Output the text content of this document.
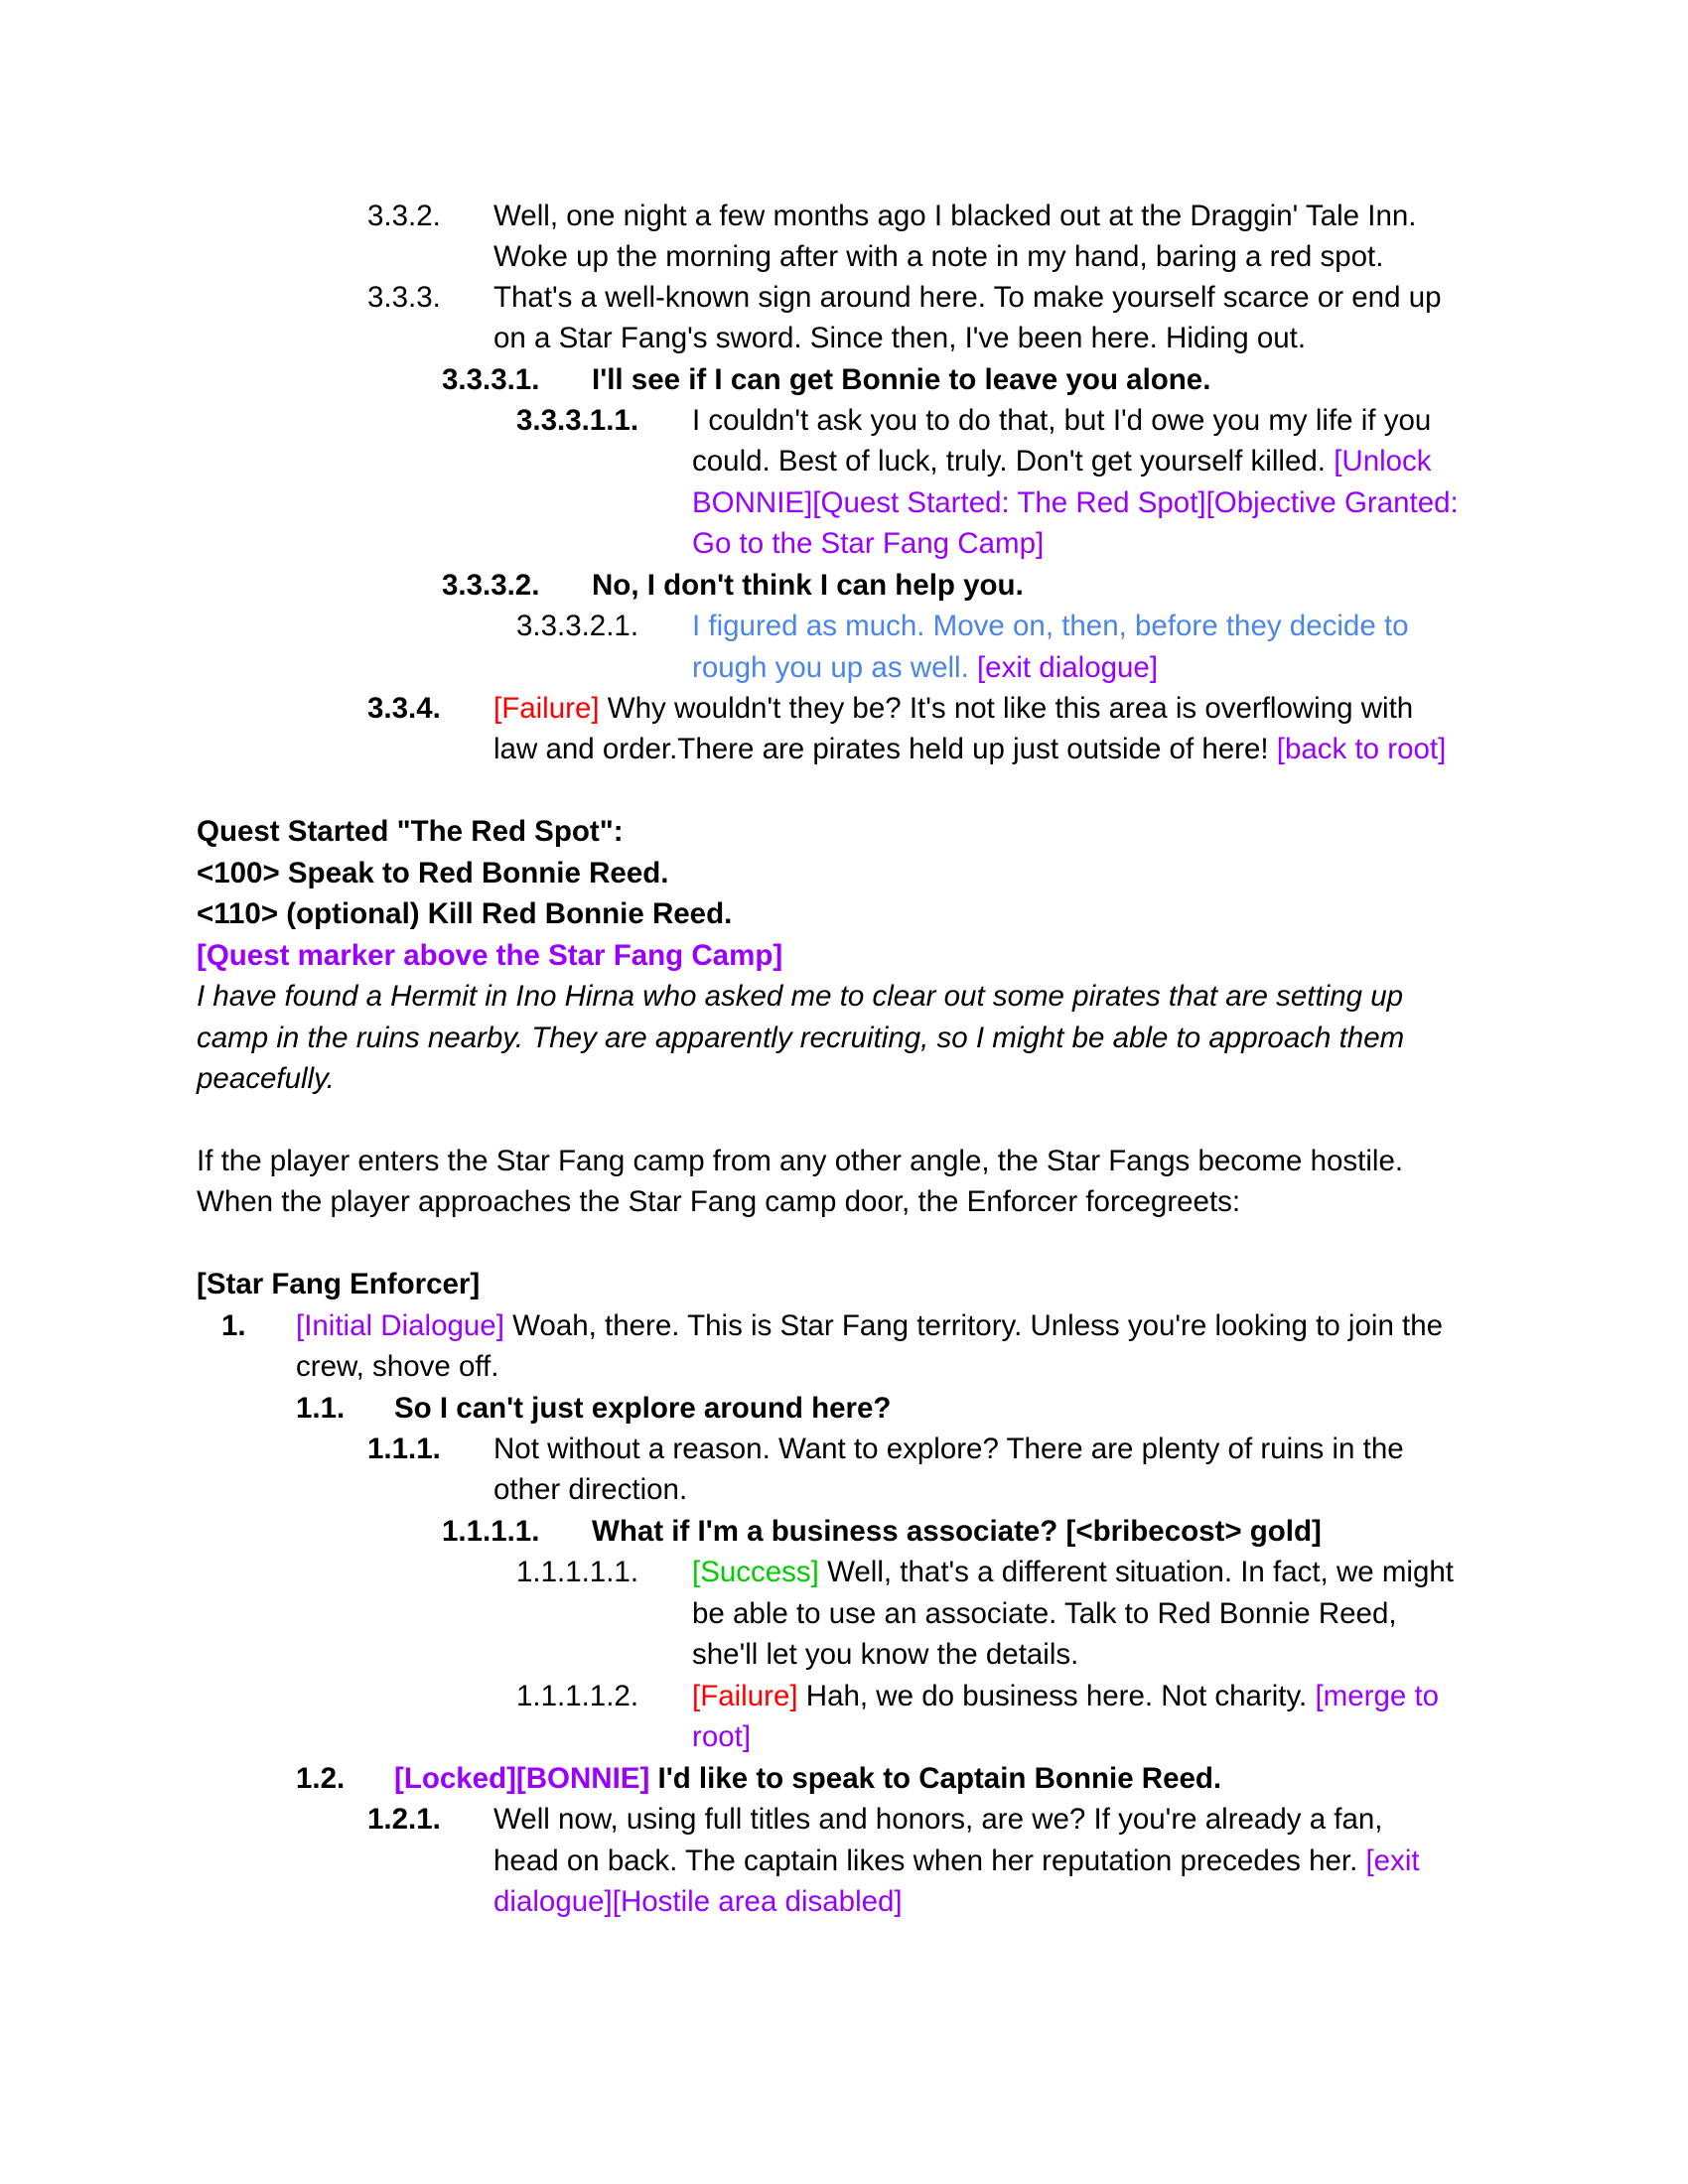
3.3.2. Well, one night a few months ago I blacked out at the Draggin' Tale Inn.
Woke up the morning after with a note in my hand, baring a red spot.
3.3.3. That's a well-known sign around here. To make yourself scarce or end up
on a Star Fang's sword. Since then, I've been here. Hiding out.
3.3.3.1. I'll see if I can get Bonnie to leave you alone.
3.3.3.1.1. I couldn't ask you to do that, but I'd owe you my life if you
could. Best of luck, truly. Don't get yourself killed. [Unlock
BONNIE][Quest Started: The Red Spot][Objective Granted:
Go to the Star Fang Camp]
3.3.3.2. No, I don't think I can help you.
3.3.3.2.1. I figured as much. Move on, then, before they decide to
rough you up as well. [exit dialogue]
3.3.4. [Failure] Why wouldn't they be? It's not like this area is overflowing with
law and order.There are pirates held up just outside of here! [back to root]
Quest Started "The Red Spot":
<100> Speak to Red Bonnie Reed.
<110> (optional) Kill Red Bonnie Reed.
[Quest marker above the Star Fang Camp]
I have found a Hermit in Ino Hirna who asked me to clear out some pirates that are setting up
camp in the ruins nearby. They are apparently recruiting, so I might be able to approach them
peacefully.
If the player enters the Star Fang camp from any other angle, the Star Fangs become hostile.
When the player approaches the Star Fang camp door, the Enforcer forcegreets:
[Star Fang Enforcer]
1. [Initial Dialogue] Woah, there. This is Star Fang territory. Unless you're looking to join the
crew, shove off.
1.1. So I can't just explore around here?
1.1.1. Not without a reason. Want to explore? There are plenty of ruins in the
other direction.
1.1.1.1. What if I'm a business associate? [<bribecost> gold]
1.1.1.1.1. [Success] Well, that's a different situation. In fact, we might
be able to use an associate. Talk to Red Bonnie Reed,
she'll let you know the details.
1.1.1.1.2. [Failure] Hah, we do business here. Not charity. [merge to
root]
1.2. [Locked][BONNIE] I'd like to speak to Captain Bonnie Reed.
1.2.1. Well now, using full titles and honors, are we? If you're already a fan,
head on back. The captain likes when her reputation precedes her. [exit
dialogue][Hostile area disabled]
